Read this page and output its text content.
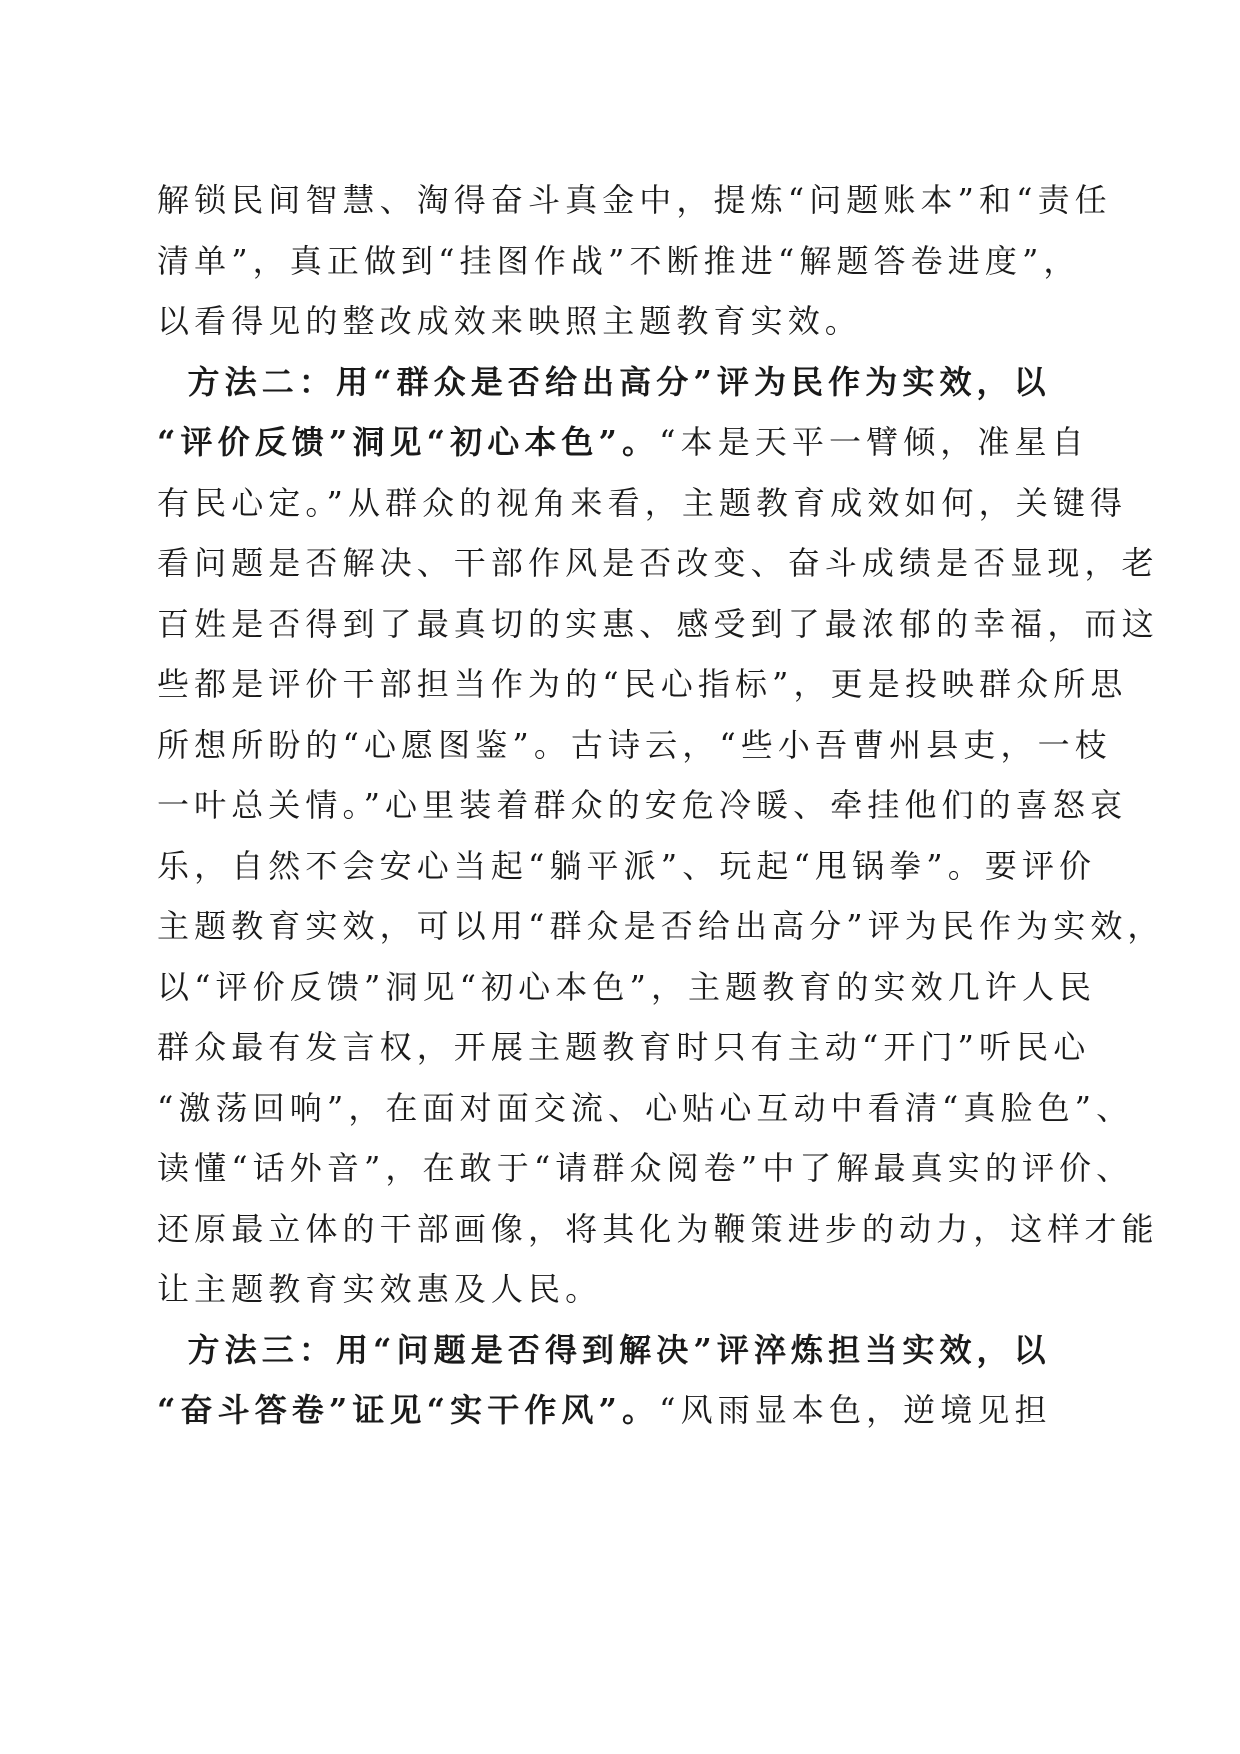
解锁民间智慧、淘得奋斗真金中，提炼“问题账本”和“责任
清单”，真正做到“挂图作战”不断推进“解题答卷进度”，
以看得见的整改成效来映照主题教育实效。

方法二：用“群众是否给出高分”评为民作为实效，以
“评价反馈”洞见“初心本色”。“本是天平一臂倾，准星自
有民心定。”从群众的视角来看，主题教育成效如何，关键得
看问题是否解决、干部作风是否改变、奋斗成绩是否显现，老
百姓是否得到了最真切的实惠、感受到了最浓郁的幸福，而这
些都是评价干部担当作为的“民心指标”，更是投映群众所思
所想所盼的“心愿图鉴”。古诗云，“些小吾曹州县吏，一枝
一叶总关情。”心里装着群众的安危冷暖、牵挂他们的喜怒哀
乐，自然不会安心当起“躺平派”、玩起“甩锅拳”。要评价
主题教育实效，可以用“群众是否给出高分”评为民作为实效，
以“评价反馈”洞见“初心本色”，主题教育的实效几许人民
群众最有发言权，开展主题教育时只有主动“开门”听民心
“激荡回响”，在面对面交流、心贴心互动中看清“真脸色”、
读懂“话外音”，在敢于“请群众阅卷”中了解最真实的评价、
还原最立体的干部画像，将其化为鞭策进步的动力，这样才能
让主题教育实效惠及人民。

方法三：用“问题是否得到解决”评淬炼担当实效，以
“奋斗答卷”证见“实干作风”。“风雨显本色，逆境见担
